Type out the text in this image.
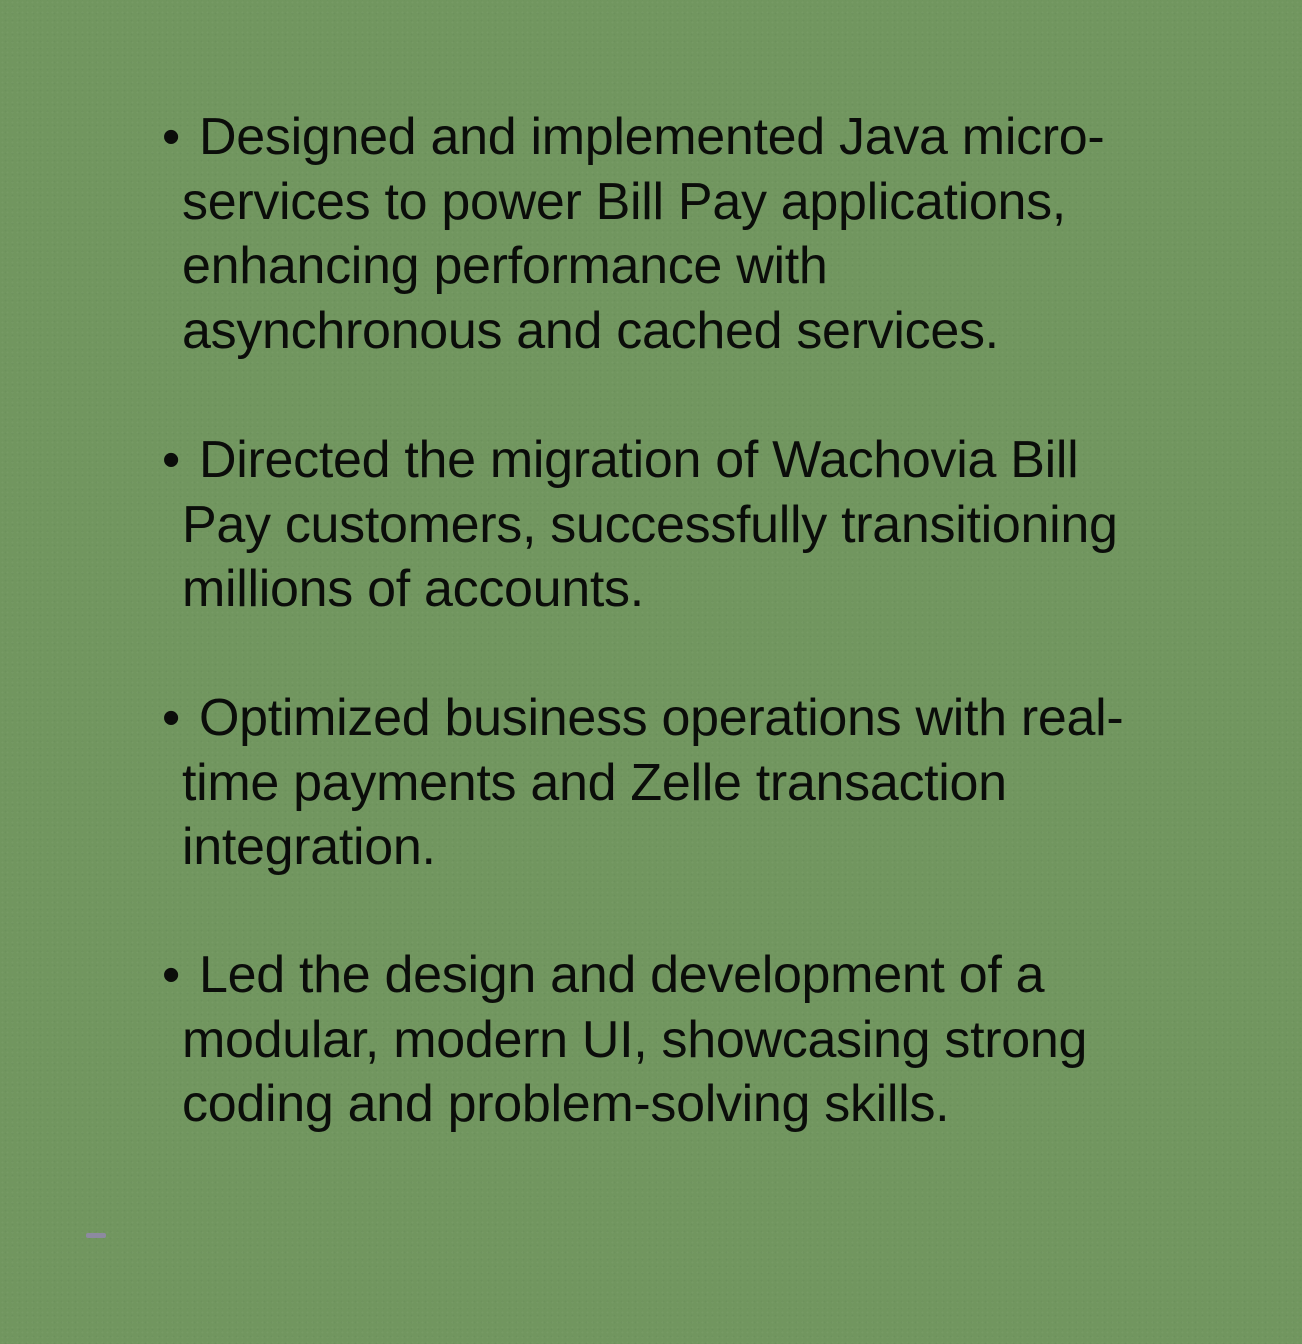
• Designed and implemented Java micro-
services to power Bill Pay applications,
enhancing performance with
asynchronous and cached services.
• Directed the migration of Wachovia Bill
Pay customers, successfully transitioning
millions of accounts.
• Optimized business operations with real-
time payments and Zelle transaction
integration.
• Led the design and development of a
modular, modern UI, showcasing strong
coding and problem-solving skills.
